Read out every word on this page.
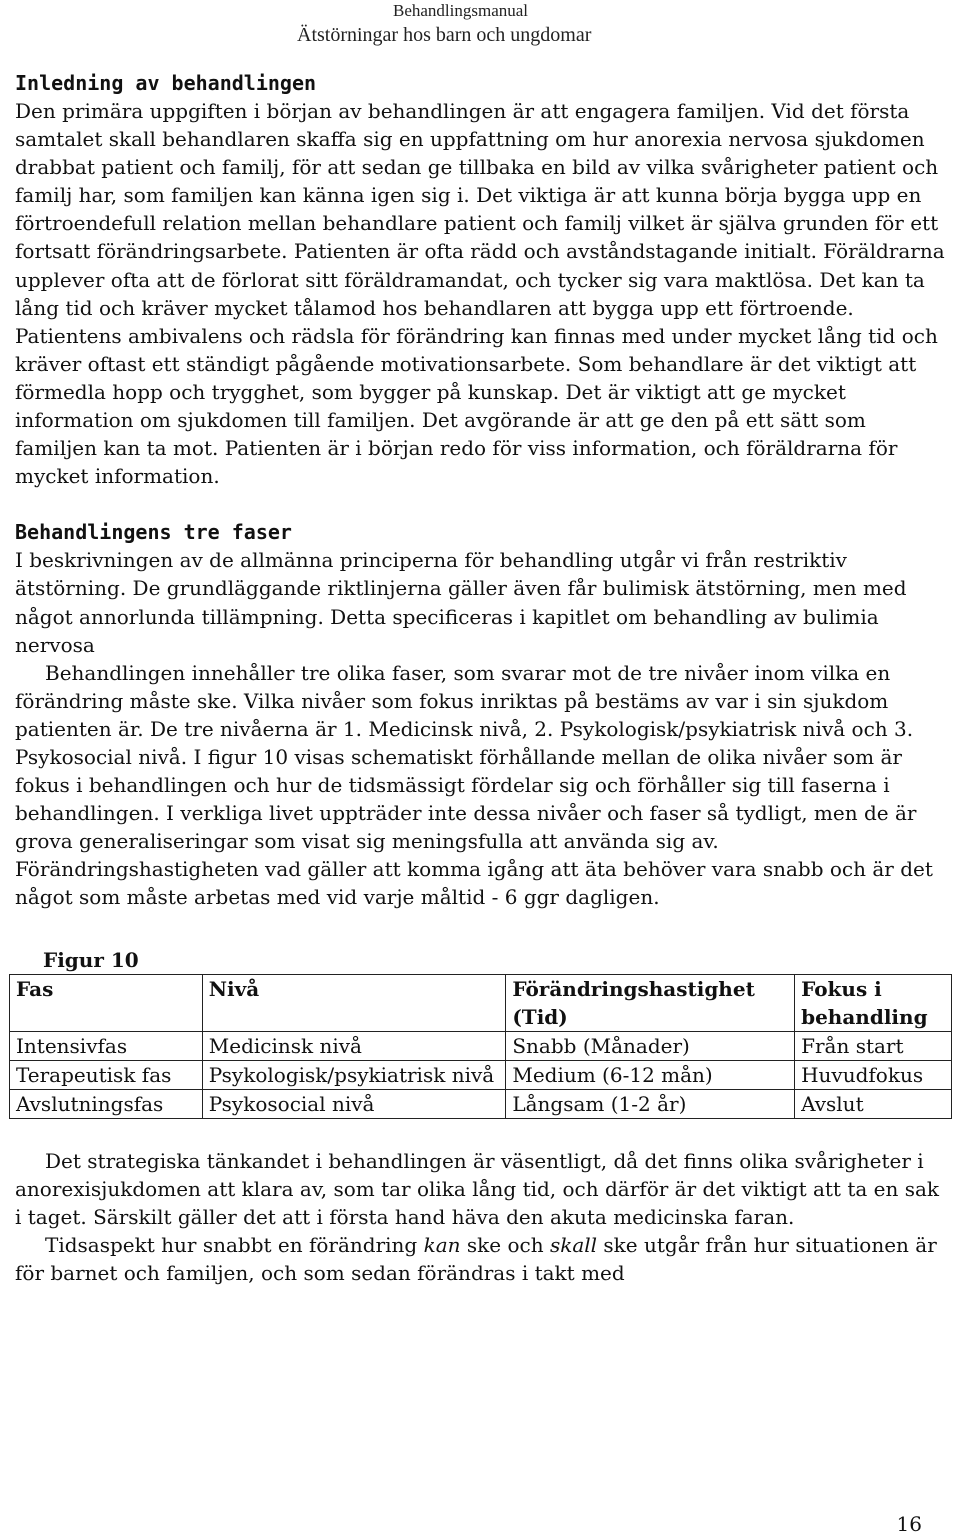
Behandlingsmanual
Ätstörningar hos barn och ungdomar
Inledning av behandlingen

Den primära uppgiften i början av behandlingen är att engagera familjen. Vid det första samtalet skall behandlaren skaffa sig en uppfattning om hur anorexia nervosa sjukdomen drabbat patient och familj, för att sedan ge tillbaka en bild av vilka svårigheter patient och familj har, som familjen kan känna igen sig i. Det viktiga är att kunna börja bygga upp en förtroendefull relation mellan behandlare patient och familj vilket är själva grunden för ett fortsatt förändringsarbete. Patienten är ofta rädd och avståndstagande initialt. Föräldrarna upplever ofta att de förlorat sitt föräldramandat, och tycker sig vara maktlösa. Det kan ta lång tid och kräver mycket tålamod hos behandlaren att bygga upp ett förtroende. Patientens ambivalens och rädsla för förändring kan finnas med under mycket lång tid och kräver oftast ett ständigt pågående motivationsarbete. Som behandlare är det viktigt att förmedla hopp och trygghet, som bygger på kunskap. Det är viktigt att ge mycket information om sjukdomen till familjen. Det avgörande är att ge den på ett sätt som familjen kan ta mot. Patienten är i början redo för viss information, och föräldrarna för mycket information.

Behandlingens tre faser

I beskrivningen av de allmänna principerna för behandling utgår vi från restriktiv ätstörning. De grundläggande riktlinjerna gäller även får bulimisk ätstörning, men med något annorlunda tillämpning. Detta specificeras i kapitlet om behandling av bulimia nervosa

Behandlingen innehåller tre olika faser, som svarar mot de tre nivåer inom vilka en förändring måste ske. Vilka nivåer som fokus inriktas på bestäms av var i sin sjukdom patienten är. De tre nivåerna är 1. Medicinsk nivå, 2. Psykologisk/psykiatrisk nivå och 3. Psykosocial nivå. I figur 10 visas schematiskt förhållande mellan de olika nivåer som är fokus i behandlingen och hur de tidsmässigt fördelar sig och förhåller sig till faserna i behandlingen. I verkliga livet uppträder inte dessa nivåer och faser så tydligt, men de är grova generaliseringar som visat sig meningsfulla att använda sig av. Förändringshastigheten vad gäller att komma igång att äta behöver vara snabb och är det något som måste arbetas med vid varje måltid - 6 ggr dagligen.

Figur 10
Fas	Nivå	Förändringshastighet (Tid)	Fokus i behandling
Intensivfas	Medicinsk nivå	Snabb (Månader)	Från start
Terapeutisk fas	Psykologisk/psykiatrisk nivå	Medium (6-12 mån)	Huvudfokus
Avslutningsfas	Psykosocial nivå	Långsam (1-2 år)	Avslut

Det strategiska tänkandet i behandlingen är väsentligt, då det finns olika svårigheter i anorexisjukdomen att klara av, som tar olika lång tid, och därför är det viktigt att ta en sak i taget. Särskilt gäller det att i första hand häva den akuta medicinska faran.

Tidsaspekt hur snabbt en förändring kan ske och skall ske utgår från hur situationen är för barnet och familjen, och som sedan förändras i takt med

16
